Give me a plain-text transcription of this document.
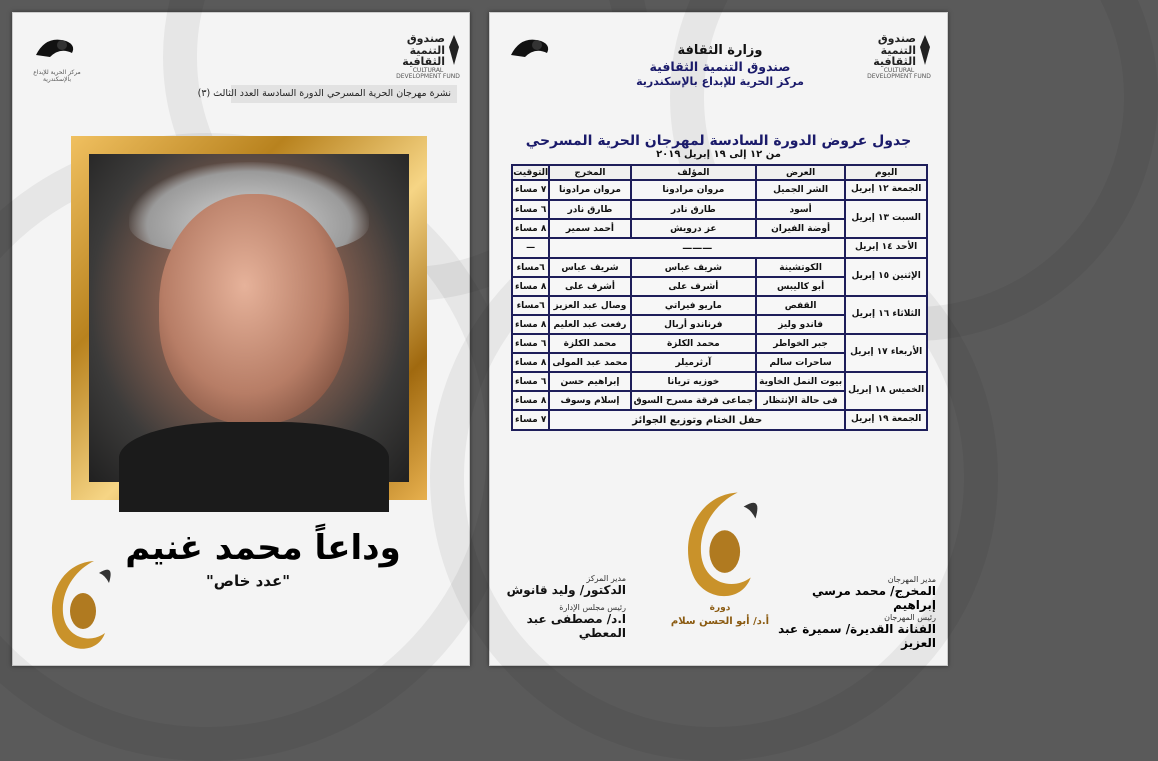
مركز الحرية للإبداع بالإسكندرية
صندوق
التنمية
الثقافية
CULTURAL DEVELOPMENT FUND
نشرة مهرجان الحرية المسرحي الدورة السادسة العدد الثالث (٣)
وداعاً محمد غنيم
"عدد خاص"
صندوق
التنمية
الثقافية
CULTURAL DEVELOPMENT FUND
وزارة الثقافة
صندوق التنمية الثقافية
مركز الحرية للإبداع بالإسكندرية
جدول عروض الدورة السادسة لمهرجان الحرية المسرحي
من ١٢ إلى ١٩ إبريل ٢٠١٩
اليوم	العرض	المؤلف	المخرج	التوقيت
الجمعة ١٢ إبريل	الشر الجميل	مروان مرادونا	مروان مرادونا	٧ مساء
السبت ١٣ إبريل	أسود	طارق نادر	طارق نادر	٦ مساء
	أوضة الفيران	عز درويش	أحمد سمير	٨ مساء
الأحد ١٤ إبريل	———			—
الإثنين ١٥ إبريل	الكوتشينة	شريف عباس	شريف عباس	٦مساء
	أبو كاليبس	أشرف على	أشرف على	٨ مساء
الثلاثاء ١٦ إبريل	القفص	ماريو فيراتي	وصال عبد العزيز	٦مساء
	فاندو وليز	فرناندو أربال	رفعت عبد العليم	٨ مساء
الأربعاء ١٧ إبريل	جبر الخواطر	محمد الكلزة	محمد الكلزة	٦ مساء
	ساحرات سالم	آرثرميلر	محمد عبد المولى	٨ مساء
الخميس ١٨ إبريل	بيوت النمل الخاوية	خوزيه تريانا	إبراهيم حسن	٦ مساء
	فى حالة الإنتظار	جماعى فرقة مسرح السوق	إسلام وسوف	٨ مساء
الجمعة ١٩ إبريل	حفل الختام وتوزيع الجوائز			٧ مساء
دورة
أ.د/ أبو الحسن سلام
مدير المهرجان
المخرج/ محمد مرسي إبراهيم
رئيس المهرجان
الفنانة القديرة/ سميرة عبد العزيز
مدير المركز
الدكتور/ وليد قانوش
رئيس مجلس الإدارة
ا.د/ مصطفى عبد المعطي
